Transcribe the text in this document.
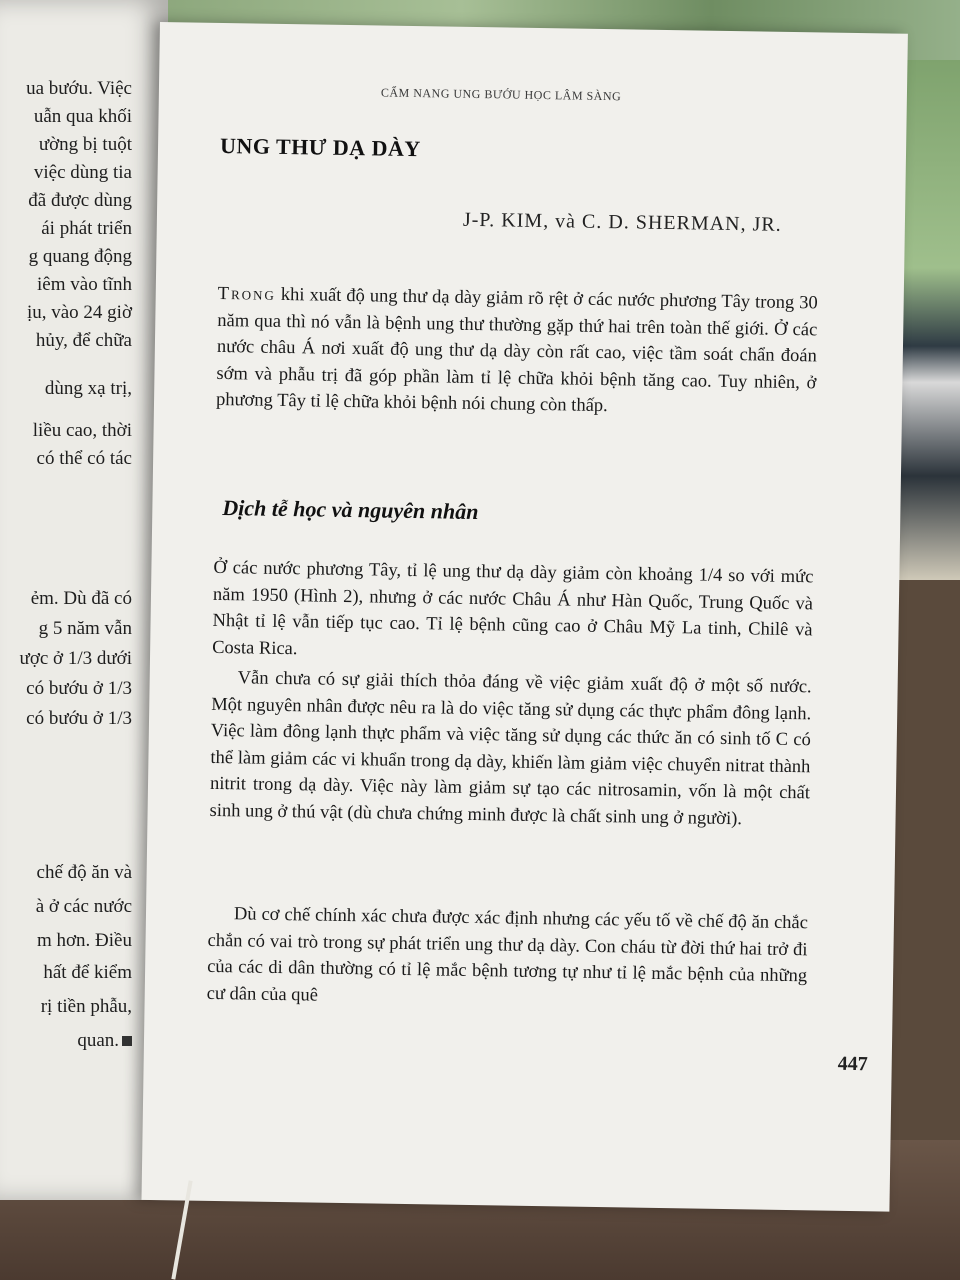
ua bướu. Việc
uẫn qua khối
ường bị tuột
việc dùng tia
đã được dùng
ái phát triển
g quang động
iêm vào tĩnh
ịu, vào 24 giờ
hủy, để chữa
dùng xạ trị,
liều cao, thời
có thể có tác
ẻm. Dù đã có
g 5 năm vẫn
ược ở 1/3 dưới
có bướu ở 1/3
có bướu ở 1/3
chế độ ăn và
à ở các nước
m hơn. Điều
hất để kiểm
rị tiền phẫu,
quan.
CẨM NANG UNG BƯỚU HỌC LÂM SÀNG
UNG THƯ DẠ DÀY
J-P. KIM, và C. D. SHERMAN, JR.
Trong khi xuất độ ung thư dạ dày giảm rõ rệt ở các nước phương Tây trong 30 năm qua thì nó vẫn là bệnh ung thư thường gặp thứ hai trên toàn thế giới. Ở các nước châu Á nơi xuất độ ung thư dạ dày còn rất cao, việc tầm soát chẩn đoán sớm và phẫu trị đã góp phần làm tỉ lệ chữa khỏi bệnh tăng cao. Tuy nhiên, ở phương Tây tỉ lệ chữa khỏi bệnh nói chung còn thấp.
Dịch tễ học và nguyên nhân
Ở các nước phương Tây, tỉ lệ ung thư dạ dày giảm còn khoảng 1/4 so với mức năm 1950 (Hình 2), nhưng ở các nước Châu Á như Hàn Quốc, Trung Quốc và Nhật tỉ lệ vẫn tiếp tục cao. Tỉ lệ bệnh cũng cao ở Châu Mỹ La tinh, Chilê và Costa Rica.
Vẫn chưa có sự giải thích thỏa đáng về việc giảm xuất độ ở một số nước. Một nguyên nhân được nêu ra là do việc tăng sử dụng các thực phẩm đông lạnh. Việc làm đông lạnh thực phẩm và việc tăng sử dụng các thức ăn có sinh tố C có thể làm giảm các vi khuẩn trong dạ dày, khiến làm giảm việc chuyển nitrat thành nitrit trong dạ dày. Việc này làm giảm sự tạo các nitrosamin, vốn là một chất sinh ung ở thú vật (dù chưa chứng minh được là chất sinh ung ở người).
Dù cơ chế chính xác chưa được xác định nhưng các yếu tố về chế độ ăn chắc chắn có vai trò trong sự phát triển ung thư dạ dày. Con cháu từ đời thứ hai trở đi của các di dân thường có tỉ lệ mắc bệnh tương tự như tỉ lệ mắc bệnh của những cư dân của quê
447
